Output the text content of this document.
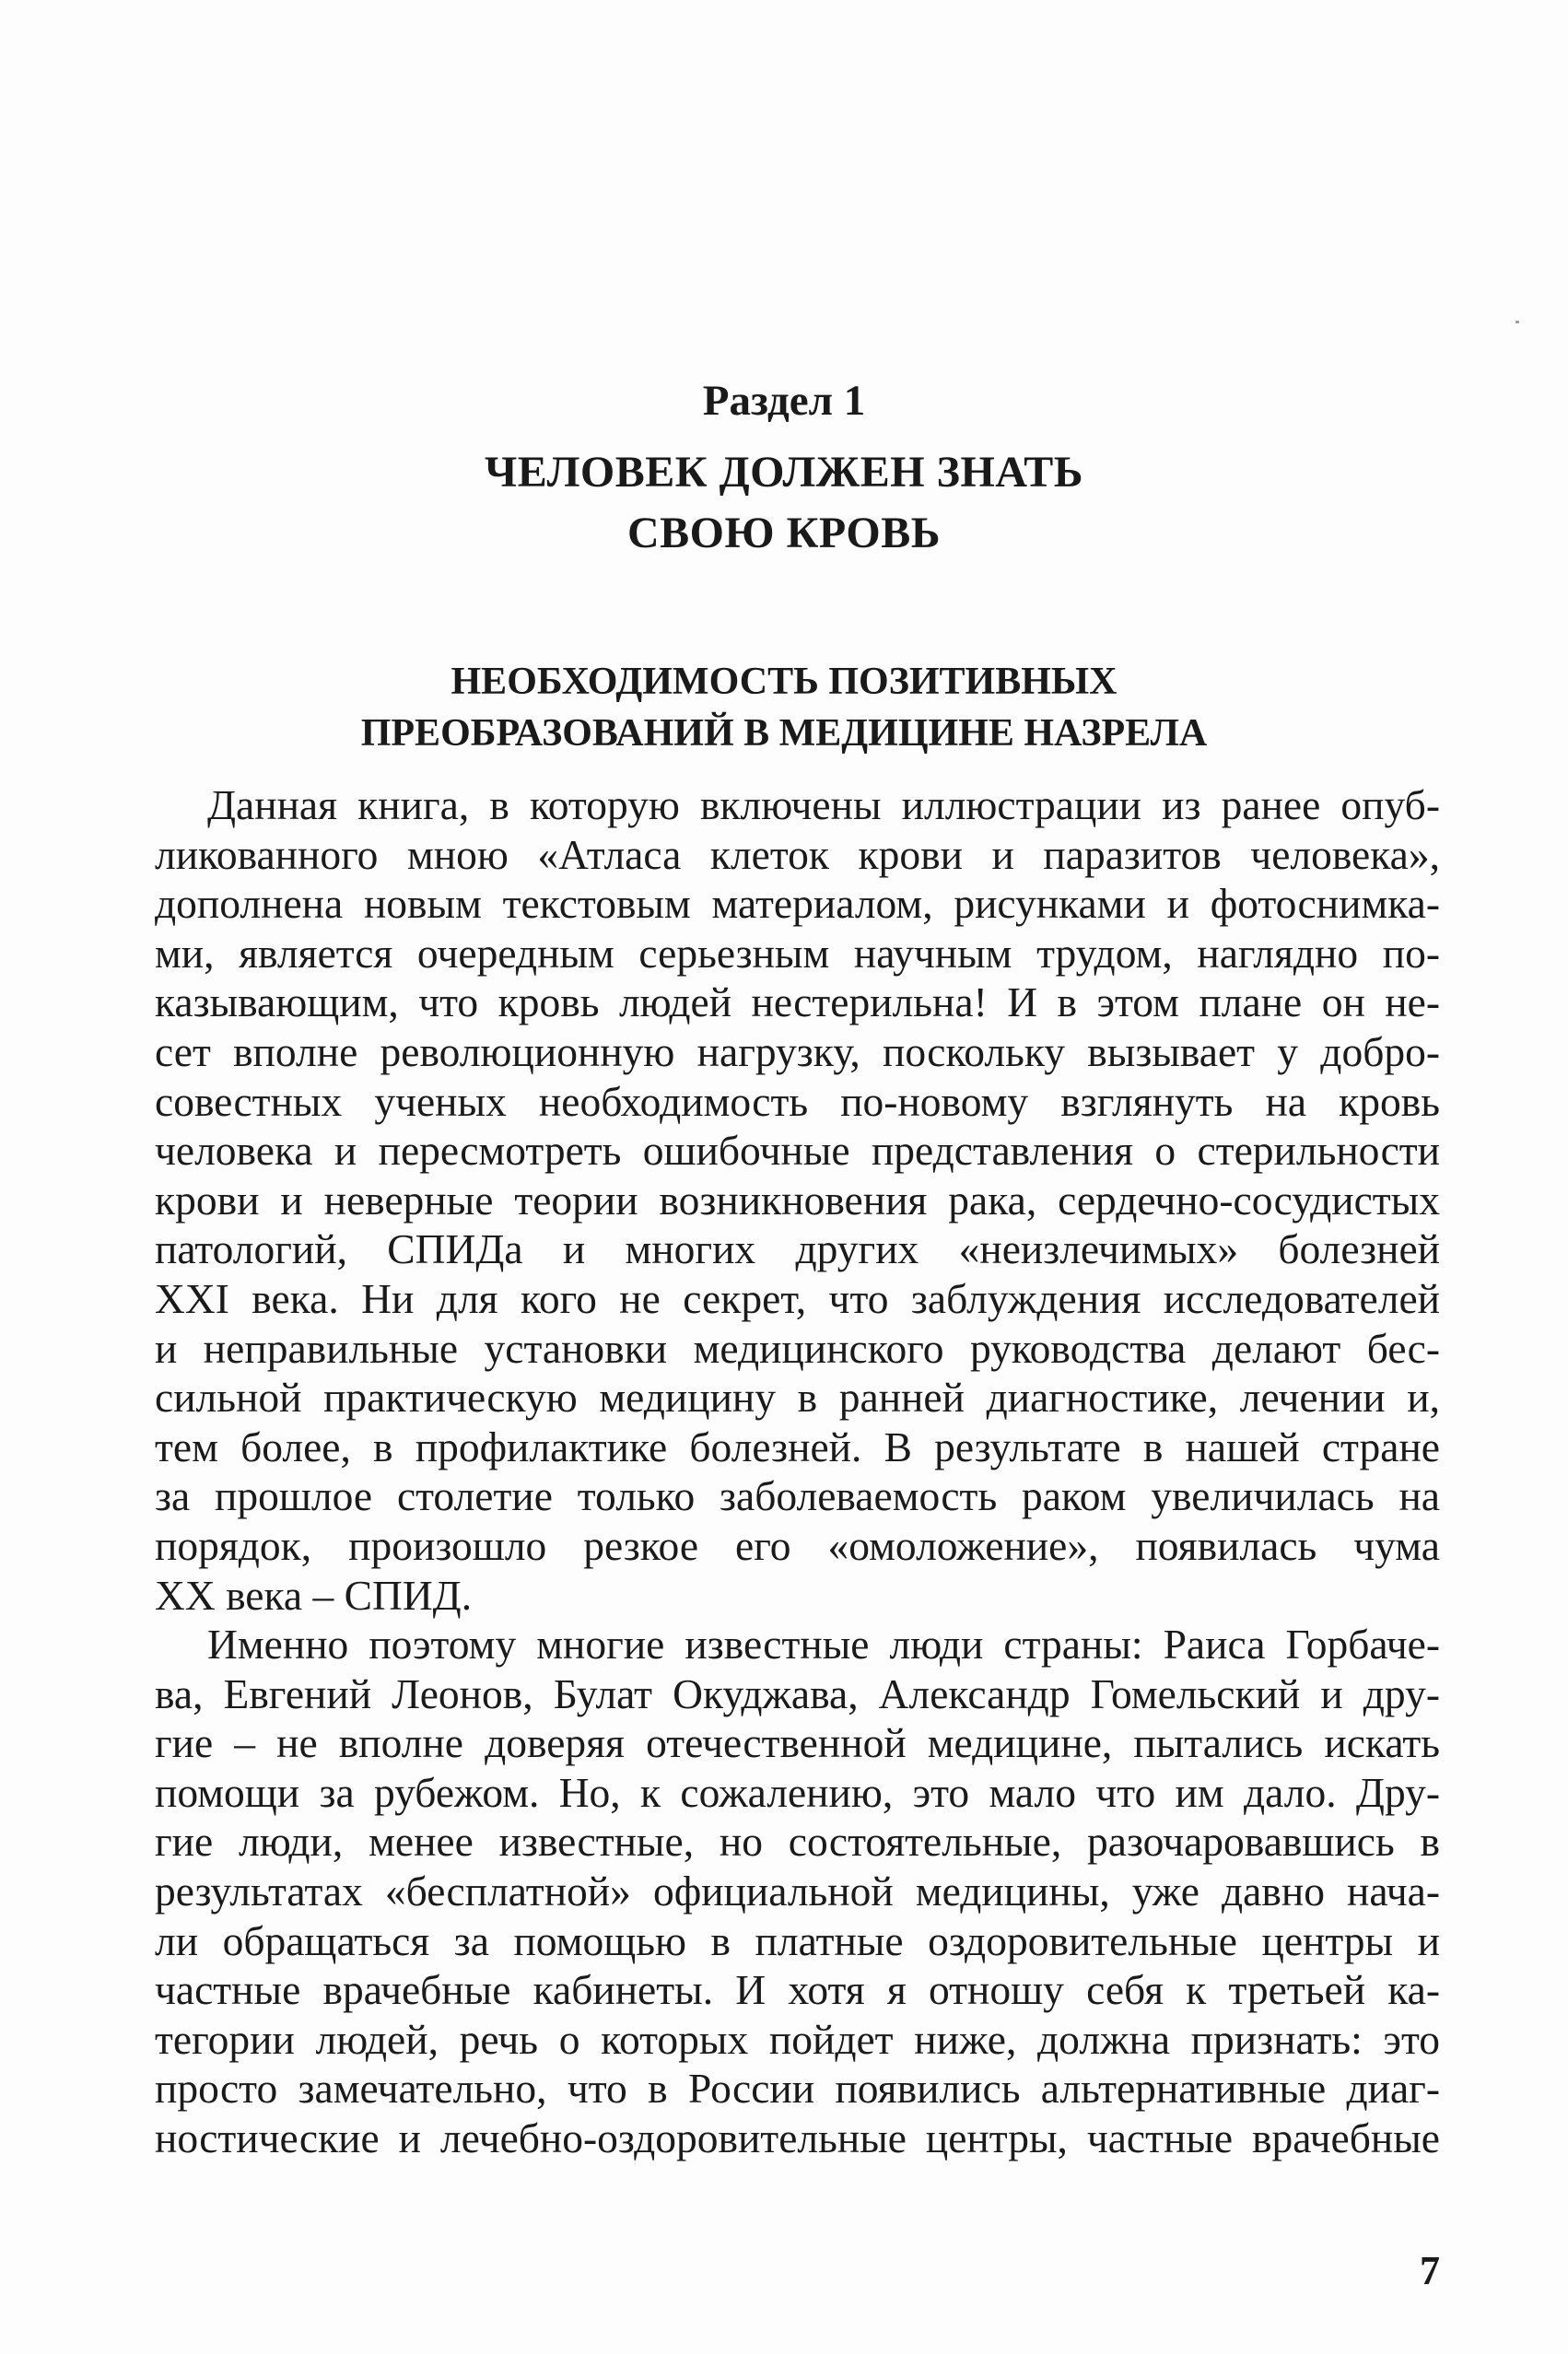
Раздел 1
ЧЕЛОВЕК ДОЛЖЕН ЗНАТЬ
СВОЮ КРОВЬ
НЕОБХОДИМОСТЬ ПОЗИТИВНЫХ
ПРЕОБРАЗОВАНИЙ В МЕДИЦИНЕ НАЗРЕЛА
Данная книга, в которую включены иллюстрации из ранее опуб-
ликованного мною «Атласа клеток крови и паразитов человека»,
дополнена новым текстовым материалом, рисунками и фотоснимка-
ми, является очередным серьезным научным трудом, наглядно по-
казывающим, что кровь людей нестерильна! И в этом плане он не-
сет вполне революционную нагрузку, поскольку вызывает у добро-
совестных ученых необходимость по-новому взглянуть на кровь
человека и пересмотреть ошибочные представления о стерильности
крови и неверные теории возникновения рака, сердечно-сосудистых
патологий, СПИДа и многих других «неизлечимых» болезней
XXI века. Ни для кого не секрет, что заблуждения исследователей
и неправильные установки медицинского руководства делают бес-
сильной практическую медицину в ранней диагностике, лечении и,
тем более, в профилактике болезней. В результате в нашей стране
за прошлое столетие только заболеваемость раком увеличилась на
порядок, произошло резкое его «омоложение», появилась чума
XX века – СПИД.
Именно поэтому многие известные люди страны: Раиса Горбаче-
ва, Евгений Леонов, Булат Окуджава, Александр Гомельский и дру-
гие – не вполне доверяя отечественной медицине, пытались искать
помощи за рубежом. Но, к сожалению, это мало что им дало. Дру-
гие люди, менее известные, но состоятельные, разочаровавшись в
результатах «бесплатной» официальной медицины, уже давно нача-
ли обращаться за помощью в платные оздоровительные центры и
частные врачебные кабинеты. И хотя я отношу себя к третьей ка-
тегории людей, речь о которых пойдет ниже, должна признать: это
просто замечательно, что в России появились альтернативные диаг-
ностические и лечебно-оздоровительные центры, частные врачебные
7
